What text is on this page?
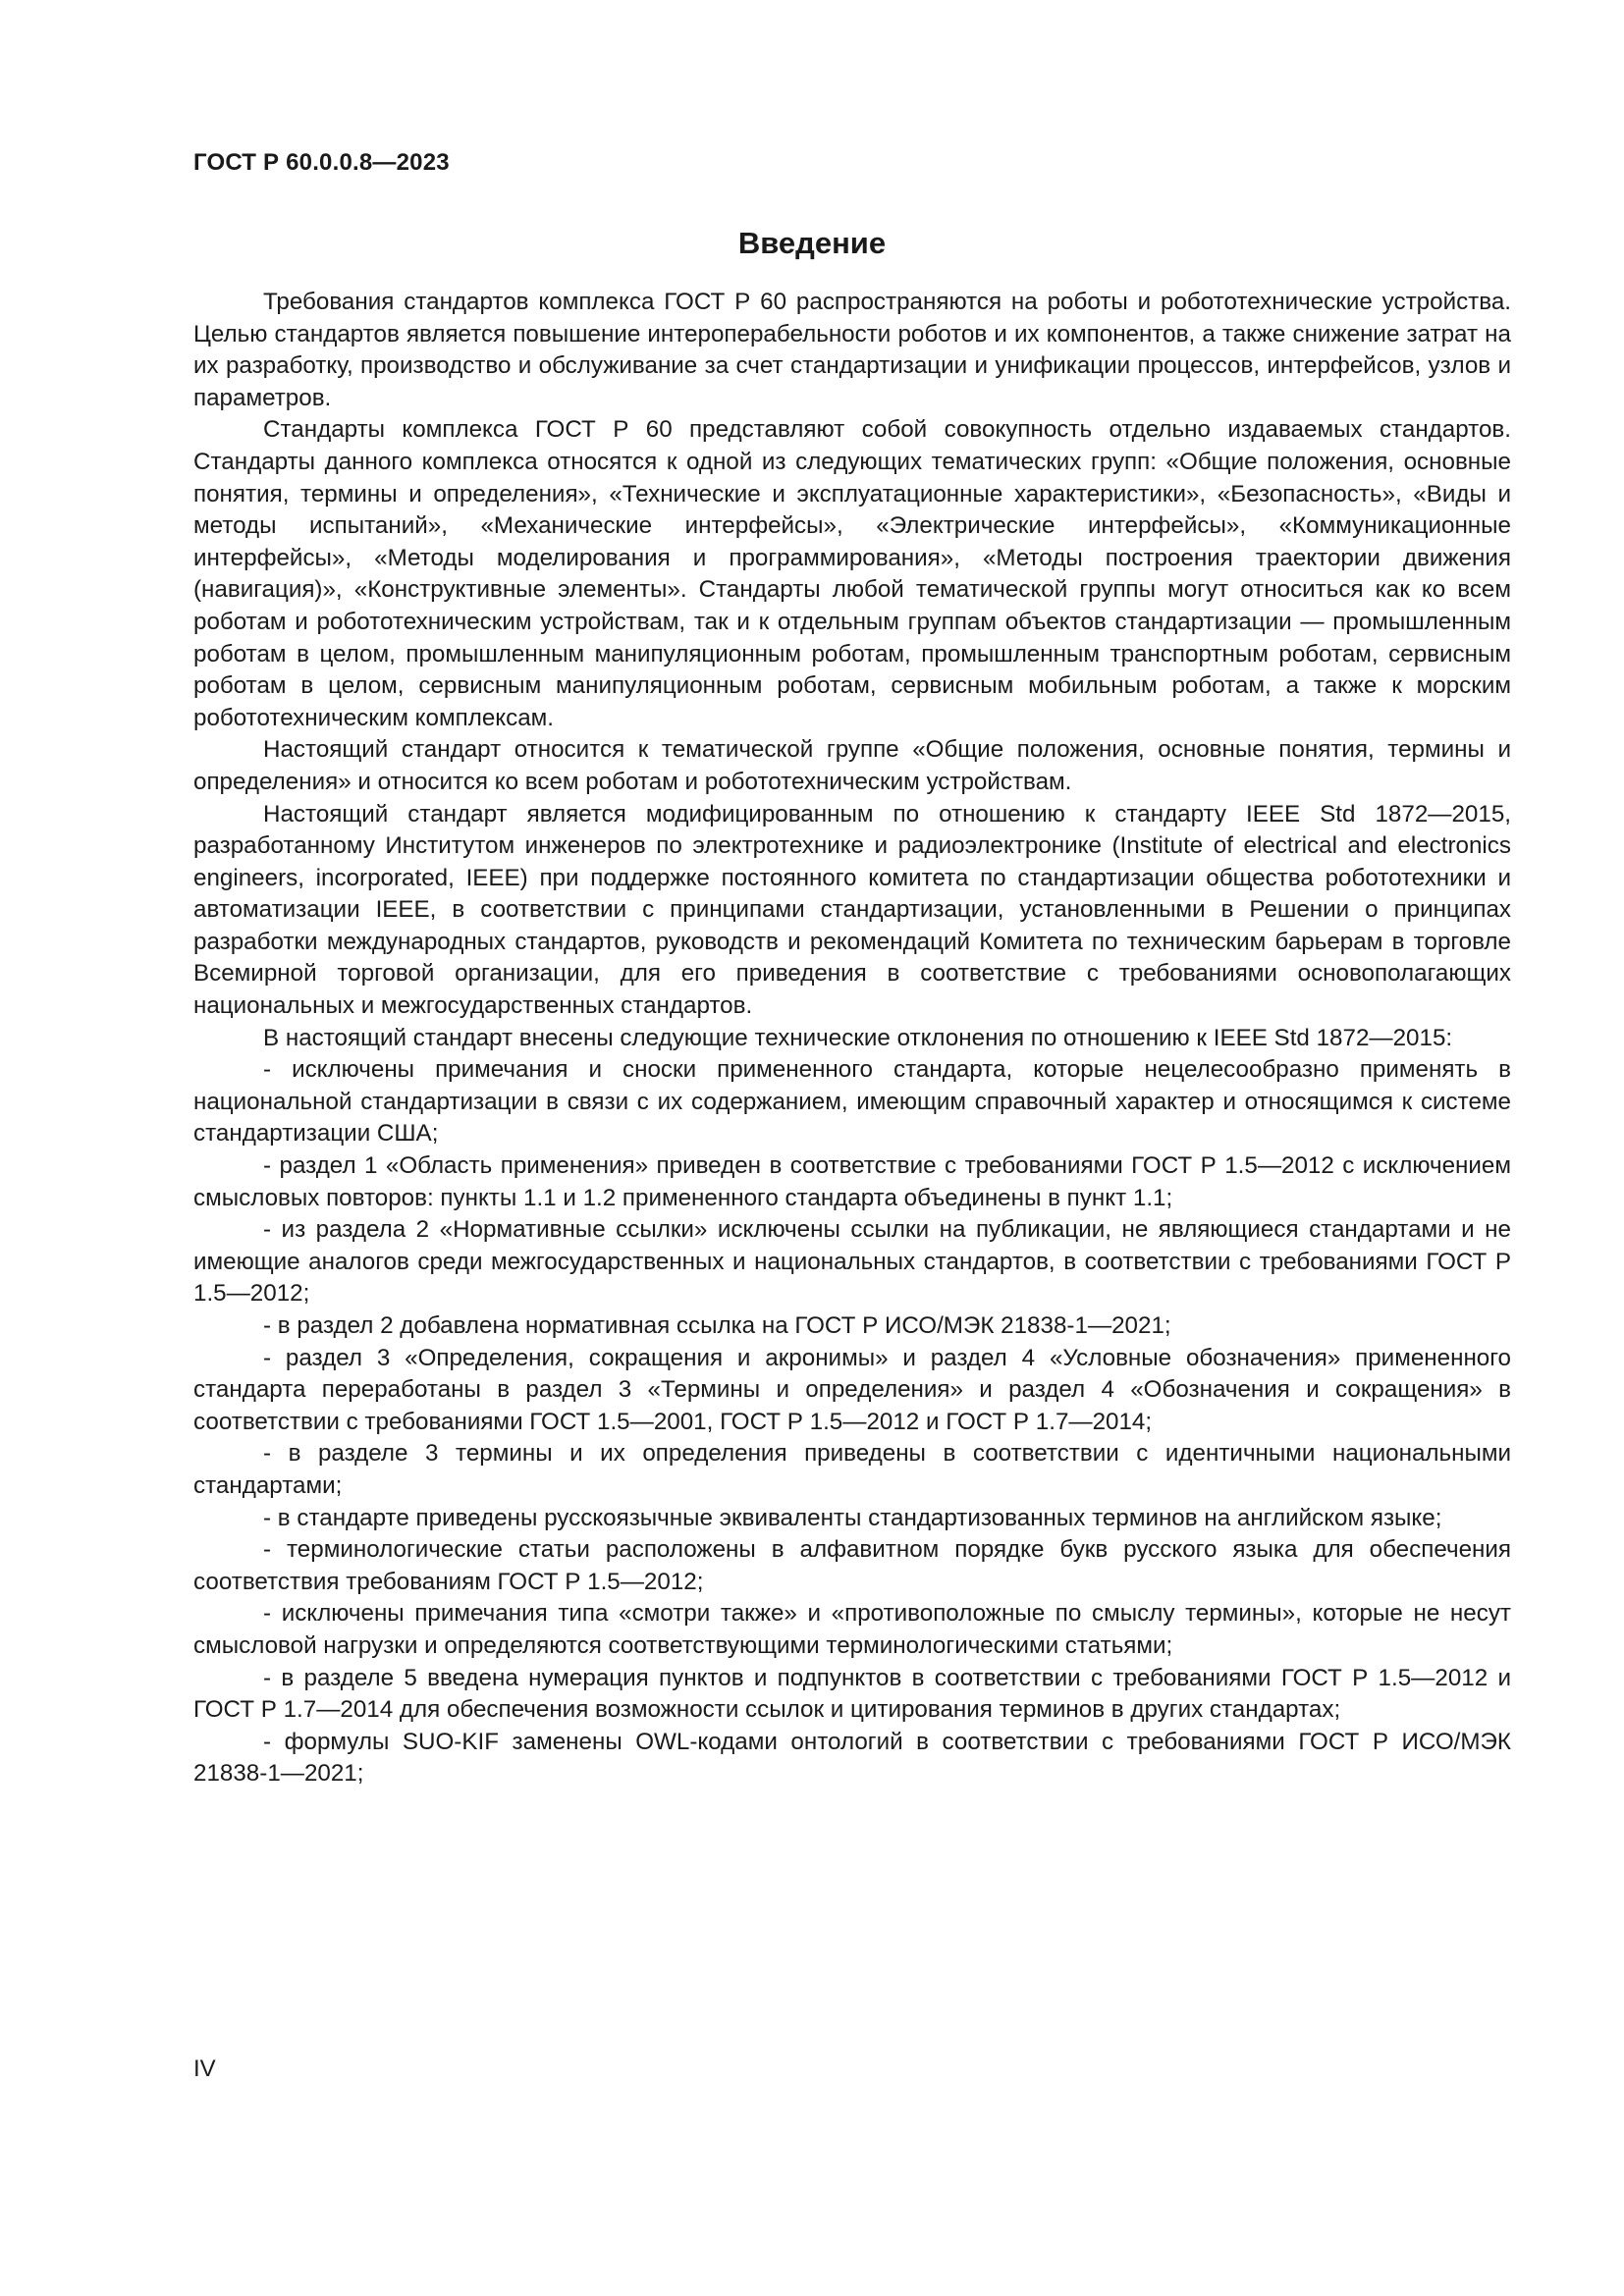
ГОСТ Р 60.0.0.8—2023
Введение

Требования стандартов комплекса ГОСТ Р 60 распространяются на роботы и робототехнические устройства. Целью стандартов является повышение интероперабельности роботов и их компонентов, а также снижение затрат на их разработку, производство и обслуживание за счет стандартизации и унификации процессов, интерфейсов, узлов и параметров.

Стандарты комплекса ГОСТ Р 60 представляют собой совокупность отдельно издаваемых стандартов. Стандарты данного комплекса относятся к одной из следующих тематических групп: «Общие положения, основные понятия, термины и определения», «Технические и эксплуатационные характеристики», «Безопасность», «Виды и методы испытаний», «Механические интерфейсы», «Электрические интерфейсы», «Коммуникационные интерфейсы», «Методы моделирования и программирования», «Методы построения траектории движения (навигация)», «Конструктивные элементы». Стандарты любой тематической группы могут относиться как ко всем роботам и робототехническим устройствам, так и к отдельным группам объектов стандартизации — промышленным роботам в целом, промышленным манипуляционным роботам, промышленным транспортным роботам, сервисным роботам в целом, сервисным манипуляционным роботам, сервисным мобильным роботам, а также к морским робототехническим комплексам.

Настоящий стандарт относится к тематической группе «Общие положения, основные понятия, термины и определения» и относится ко всем роботам и робототехническим устройствам.

Настоящий стандарт является модифицированным по отношению к стандарту IEEE Std 1872—2015, разработанному Институтом инженеров по электротехнике и радиоэлектронике (Institute of electrical and electronics engineers, incorporated, IEEE) при поддержке постоянного комитета по стандартизации общества робототехники и автоматизации IEEE, в соответствии с принципами стандартизации, установленными в Решении о принципах разработки международных стандартов, руководств и рекомендаций Комитета по техническим барьерам в торговле Всемирной торговой организации, для его приведения в соответствие с требованиями основополагающих национальных и межгосударственных стандартов.

В настоящий стандарт внесены следующие технические отклонения по отношению к IEEE Std 1872—2015:

- исключены примечания и сноски примененного стандарта, которые нецелесообразно применять в национальной стандартизации в связи с их содержанием, имеющим справочный характер и относящимся к системе стандартизации США;

- раздел 1 «Область применения» приведен в соответствие с требованиями ГОСТ Р 1.5—2012 с исключением смысловых повторов: пункты 1.1 и 1.2 примененного стандарта объединены в пункт 1.1;

- из раздела 2 «Нормативные ссылки» исключены ссылки на публикации, не являющиеся стандартами и не имеющие аналогов среди межгосударственных и национальных стандартов, в соответствии с требованиями ГОСТ Р 1.5—2012;

- в раздел 2 добавлена нормативная ссылка на ГОСТ Р ИСО/МЭК 21838-1—2021;

- раздел 3 «Определения, сокращения и акронимы» и раздел 4 «Условные обозначения» примененного стандарта переработаны в раздел 3 «Термины и определения» и раздел 4 «Обозначения и сокращения» в соответствии с требованиями ГОСТ 1.5—2001, ГОСТ Р 1.5—2012 и ГОСТ Р 1.7—2014;

- в разделе 3 термины и их определения приведены в соответствии с идентичными национальными стандартами;

- в стандарте приведены русскоязычные эквиваленты стандартизованных терминов на английском языке;

- терминологические статьи расположены в алфавитном порядке букв русского языка для обеспечения соответствия требованиям ГОСТ Р 1.5—2012;

- исключены примечания типа «смотри также» и «противоположные по смыслу термины», которые не несут смысловой нагрузки и определяются соответствующими терминологическими статьями;

- в разделе 5 введена нумерация пунктов и подпунктов в соответствии с требованиями ГОСТ Р 1.5—2012 и ГОСТ Р 1.7—2014 для обеспечения возможности ссылок и цитирования терминов в других стандартах;

- формулы SUO-KIF заменены OWL-кодами онтологий в соответствии с требованиями ГОСТ Р ИСО/МЭК 21838-1—2021;

IV
